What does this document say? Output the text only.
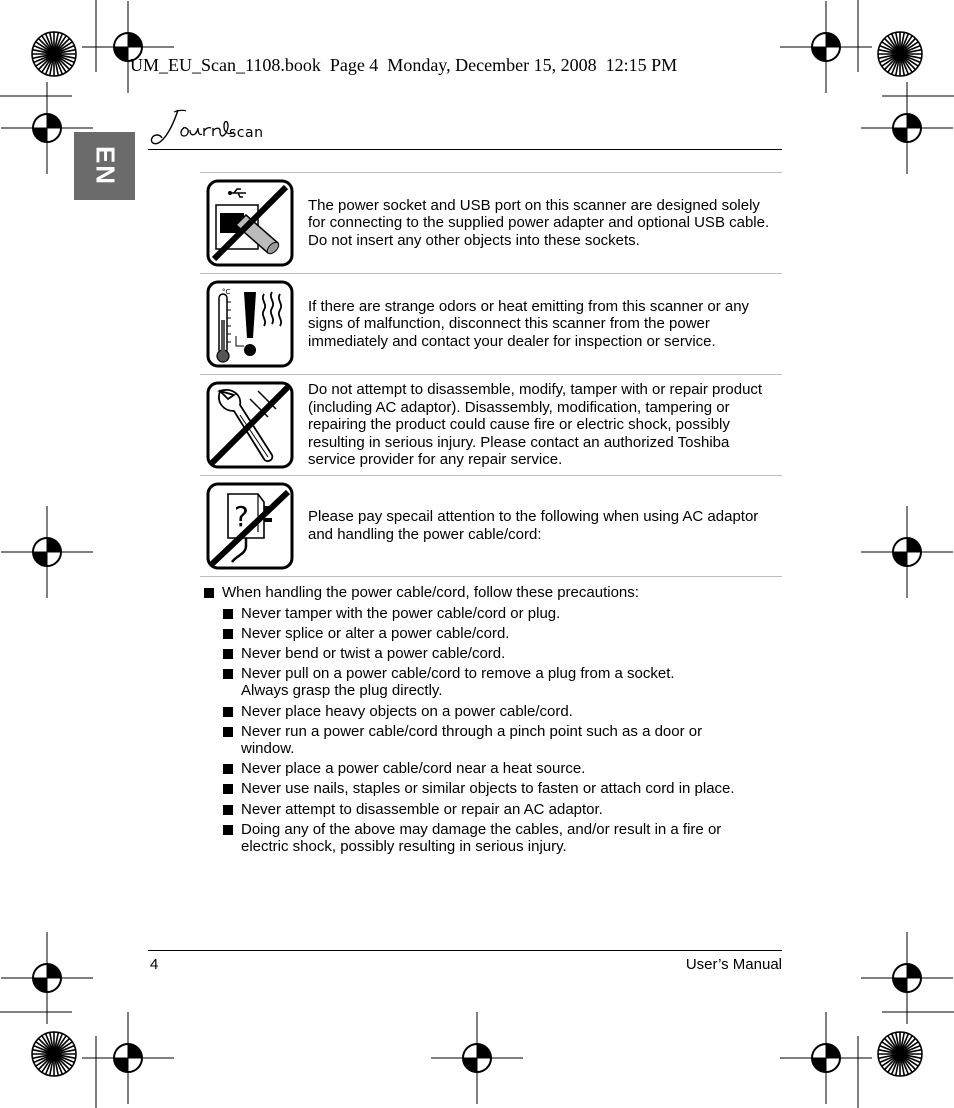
UM_EU_Scan_1108.book  Page 4  Monday, December 15, 2008  12:15 PM
scan
EN
The power socket and USB port on this scanner are designed solely for connecting to the supplied power adapter and optional USB cable. Do not insert any other objects into these sockets.
°C
If there are strange odors or heat emitting from this scanner or any signs of malfunction, disconnect this scanner from the power immediately and contact your dealer for inspection or service.
Do not attempt to disassemble, modify, tamper with or repair product (including AC adaptor). Disassembly, modification, tampering or repairing the product could cause fire or electric shock, possibly resulting in serious injury. Please contact an authorized Toshiba service provider for any repair service.
?	Please pay specail attention to the following when using AC adaptor and handling the power cable/cord:
When handling the power cable/cord, follow these precautions:
Never tamper with the power cable/cord or plug.
Never splice or alter a power cable/cord.
Never bend or twist a power cable/cord.
Never pull on a power cable/cord to remove a plug from a socket.
Always grasp the plug directly.
Never place heavy objects on a power cable/cord.
Never run a power cable/cord through a pinch point such as a door or
window.
Never place a power cable/cord near a heat source.
Never use nails, staples or similar objects to fasten or attach cord in place.
Never attempt to disassemble or repair an AC adaptor.
Doing any of the above may damage the cables, and/or result in a fire or
electric shock, possibly resulting in serious injury.
4	User’s Manual
